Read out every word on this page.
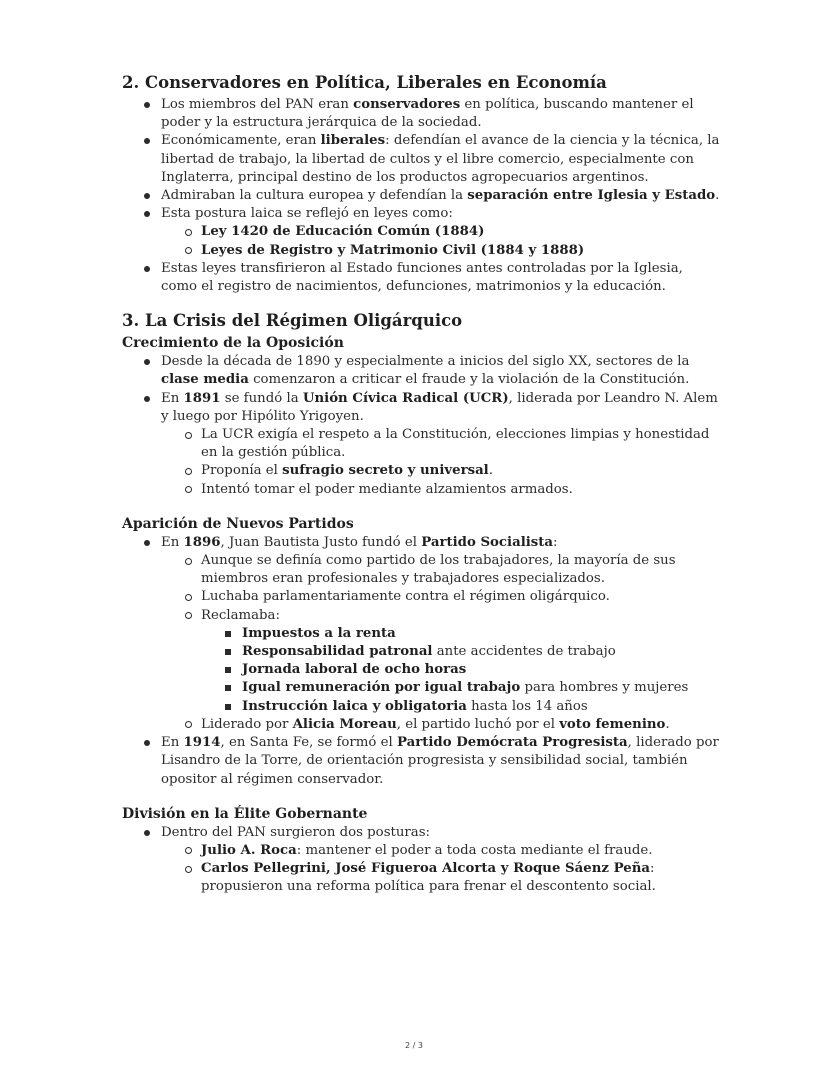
2. Conservadores en Política, Liberales en Economía
Los miembros del PAN eran conservadores en política, buscando mantener el poder y la estructura jerárquica de la sociedad.
Económicamente, eran liberales: defendían el avance de la ciencia y la técnica, la libertad de trabajo, la libertad de cultos y el libre comercio, especialmente con Inglaterra, principal destino de los productos agropecuarios argentinos.
Admiraban la cultura europea y defendían la separación entre Iglesia y Estado.
Esta postura laica se reflejó en leyes como:
Ley 1420 de Educación Común (1884)
Leyes de Registro y Matrimonio Civil (1884 y 1888)
Estas leyes transfirieron al Estado funciones antes controladas por la Iglesia, como el registro de nacimientos, defunciones, matrimonios y la educación.
3. La Crisis del Régimen Oligárquico
Crecimiento de la Oposición
Desde la década de 1890 y especialmente a inicios del siglo XX, sectores de la clase media comenzaron a criticar el fraude y la violación de la Constitución.
En 1891 se fundó la Unión Cívica Radical (UCR), liderada por Leandro N. Alem y luego por Hipólito Yrigoyen.
La UCR exigía el respeto a la Constitución, elecciones limpias y honestidad en la gestión pública.
Proponía el sufragio secreto y universal.
Intentó tomar el poder mediante alzamientos armados.
Aparición de Nuevos Partidos
En 1896, Juan Bautista Justo fundó el Partido Socialista:
Aunque se definía como partido de los trabajadores, la mayoría de sus miembros eran profesionales y trabajadores especializados.
Luchaba parlamentariamente contra el régimen oligárquico.
Reclamaba:
Impuestos a la renta
Responsabilidad patronal ante accidentes de trabajo
Jornada laboral de ocho horas
Igual remuneración por igual trabajo para hombres y mujeres
Instrucción laica y obligatoria hasta los 14 años
Liderado por Alicia Moreau, el partido luchó por el voto femenino.
En 1914, en Santa Fe, se formó el Partido Demócrata Progresista, liderado por Lisandro de la Torre, de orientación progresista y sensibilidad social, también opositor al régimen conservador.
División en la Élite Gobernante
Dentro del PAN surgieron dos posturas:
Julio A. Roca: mantener el poder a toda costa mediante el fraude.
Carlos Pellegrini, José Figueroa Alcorta y Roque Sáenz Peña: propusieron una reforma política para frenar el descontento social.
2 / 3
